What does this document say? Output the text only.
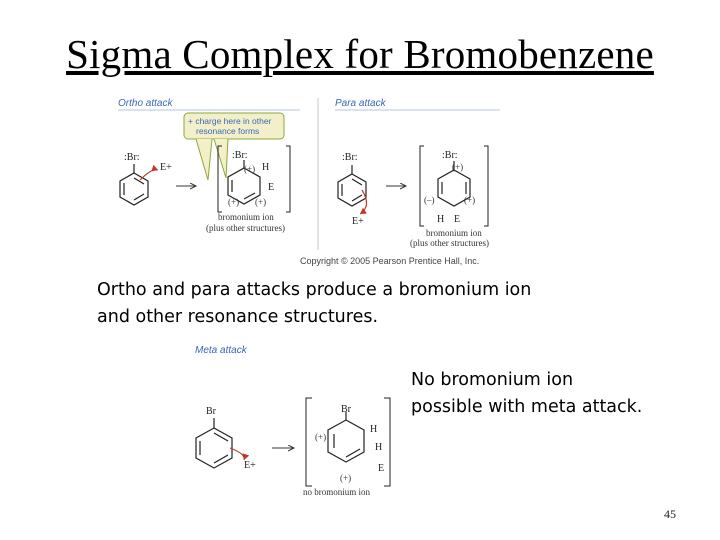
Sigma Complex for Bromobenzene
Ortho attack	Para attack
+ charge here in other
resonance forms
:Br:
E+
:Br:
(+) H
E
(+) (+)
bromonium ion
(plus other structures)
:Br:
E+
:Br:
(+)
(–)	(+)
H E
bromonium ion
(plus other structures)
Copyright © 2005 Pearson Prentice Hall, Inc.
Meta attack
Br
E+
Br
(+)
H
H
E
(+)
no bromonium ion
Ortho and para attacks produce a bromonium ion
and other resonance structures.
No bromonium ion
possible with meta attack.
45
